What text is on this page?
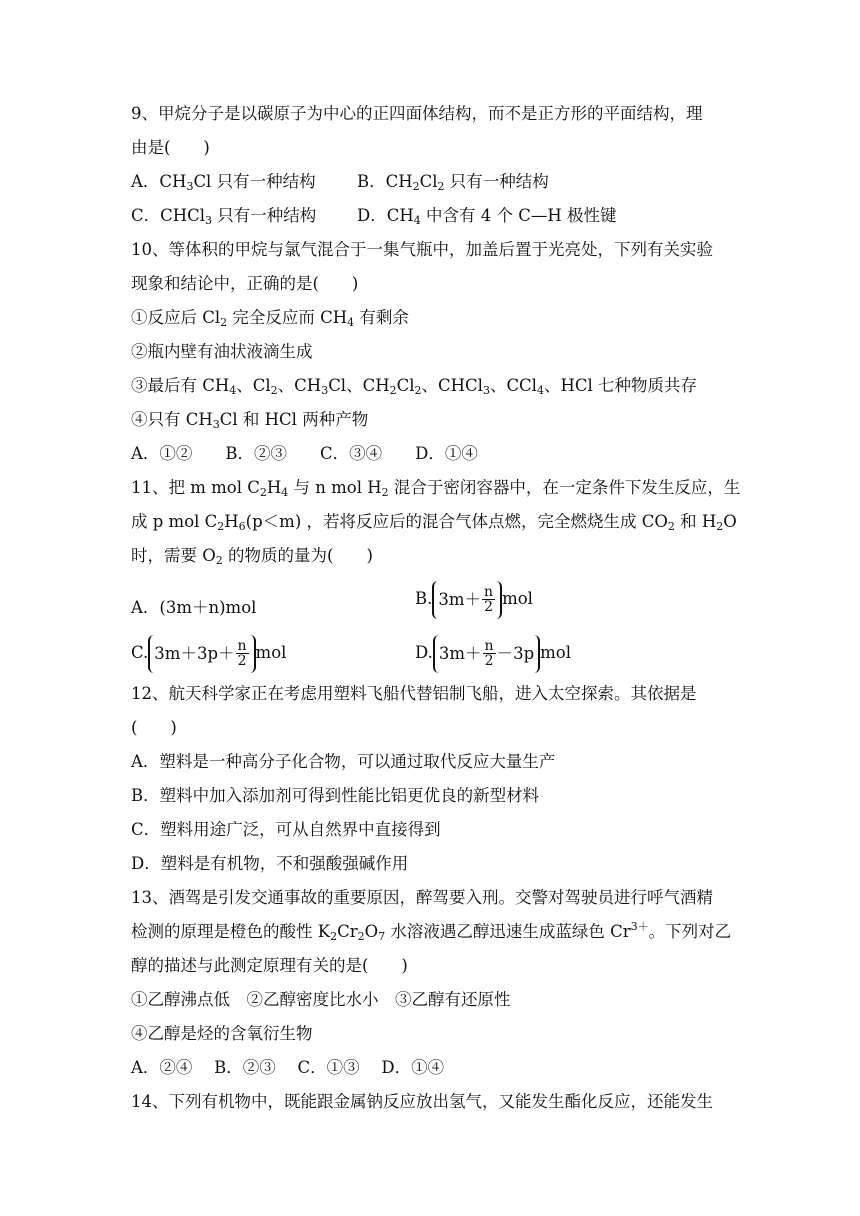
9、甲烷分子是以碳原子为中心的正四面体结构，而不是正方形的平面结构，理
由是(　　)
A．$CH_3Cl$ 只有一种结构	B．$CH_2Cl_2$ 只有一种结构
C．CHCl$_3$ 只有一种结构 D．$CH_4$ 中含有 4 个 C—H 极性键
10、等体积的甲烷与氯气混合于一集气瓶中，加盖后置于光亮处，下列有关实验
现象和结论中，正确的是(　　)
①反应后 $Cl_2$ 完全反应而 $CH_4$ 有剩余
②瓶内壁有油状液滴生成
③最后有 $CH_4$、$Cl_2$、$CH_3Cl$、$CH_2Cl_2$、CHCl$_3$、CCl$_4$、HCl 七种物质共存
④只有 $CH_3Cl$ 和 HCl 两种产物
A．①②　　B．②③　　C．③④　　D．①④
11、把 m mol $C_2H_4$ 与 n mol $H_2$ 混合于密闭容器中，在一定条件下发生反应，生
成 p mol $C_2H_6(p<m)$ ，若将反应后的混合气体点燃，完全燃烧生成 $CO_2$ 和 $H_2O$
时，需要 $O_2$ 的物质的量为(　　)
A．(3m＋n)mol	B. $3m+ \frac{n}{2}$ mol
C. $3m+3p+ \frac{n}{2}$ mol	D. $3m+ \frac{n}{2} -3p$ mol
12、航天科学家正在考虑用塑料飞船代替铝制飞船，进入太空探索。其依据是
(　　)
A．塑料是一种高分子化合物，可以通过取代反应大量生产
B．塑料中加入添加剂可得到性能比铝更优良的新型材料
C．塑料用途广泛，可从自然界中直接得到
D．塑料是有机物，不和强酸强碱作用
13、酒驾是引发交通事故的重要原因，醉驾要入刑。交警对驾驶员进行呼气酒精
检测的原理是橙色的酸性 $K_2Cr_2O_7$ 水溶液遇乙醇迅速生成蓝绿色 $Cr^{3+}$。下列对乙
醇的描述与此测定原理有关的是(　　)
①乙醇沸点低　②乙醇密度比水小　③乙醇有还原性
④乙醇是烃的含氧衍生物
A．②④　 B．②③　 C．①③　 D．①④
14、下列有机物中，既能跟金属钠反应放出氢气，又能发生酯化反应，还能发生
